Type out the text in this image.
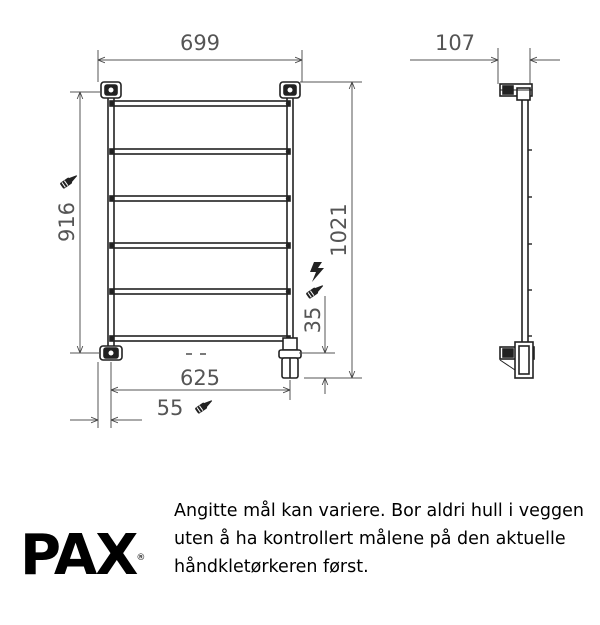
699
916	1021
35
625
55
107
PAX®
Angitte mål kan variere. Bor aldri hull i veggen uten å ha kontrollert målene på den aktuelle håndkletørkeren først.
